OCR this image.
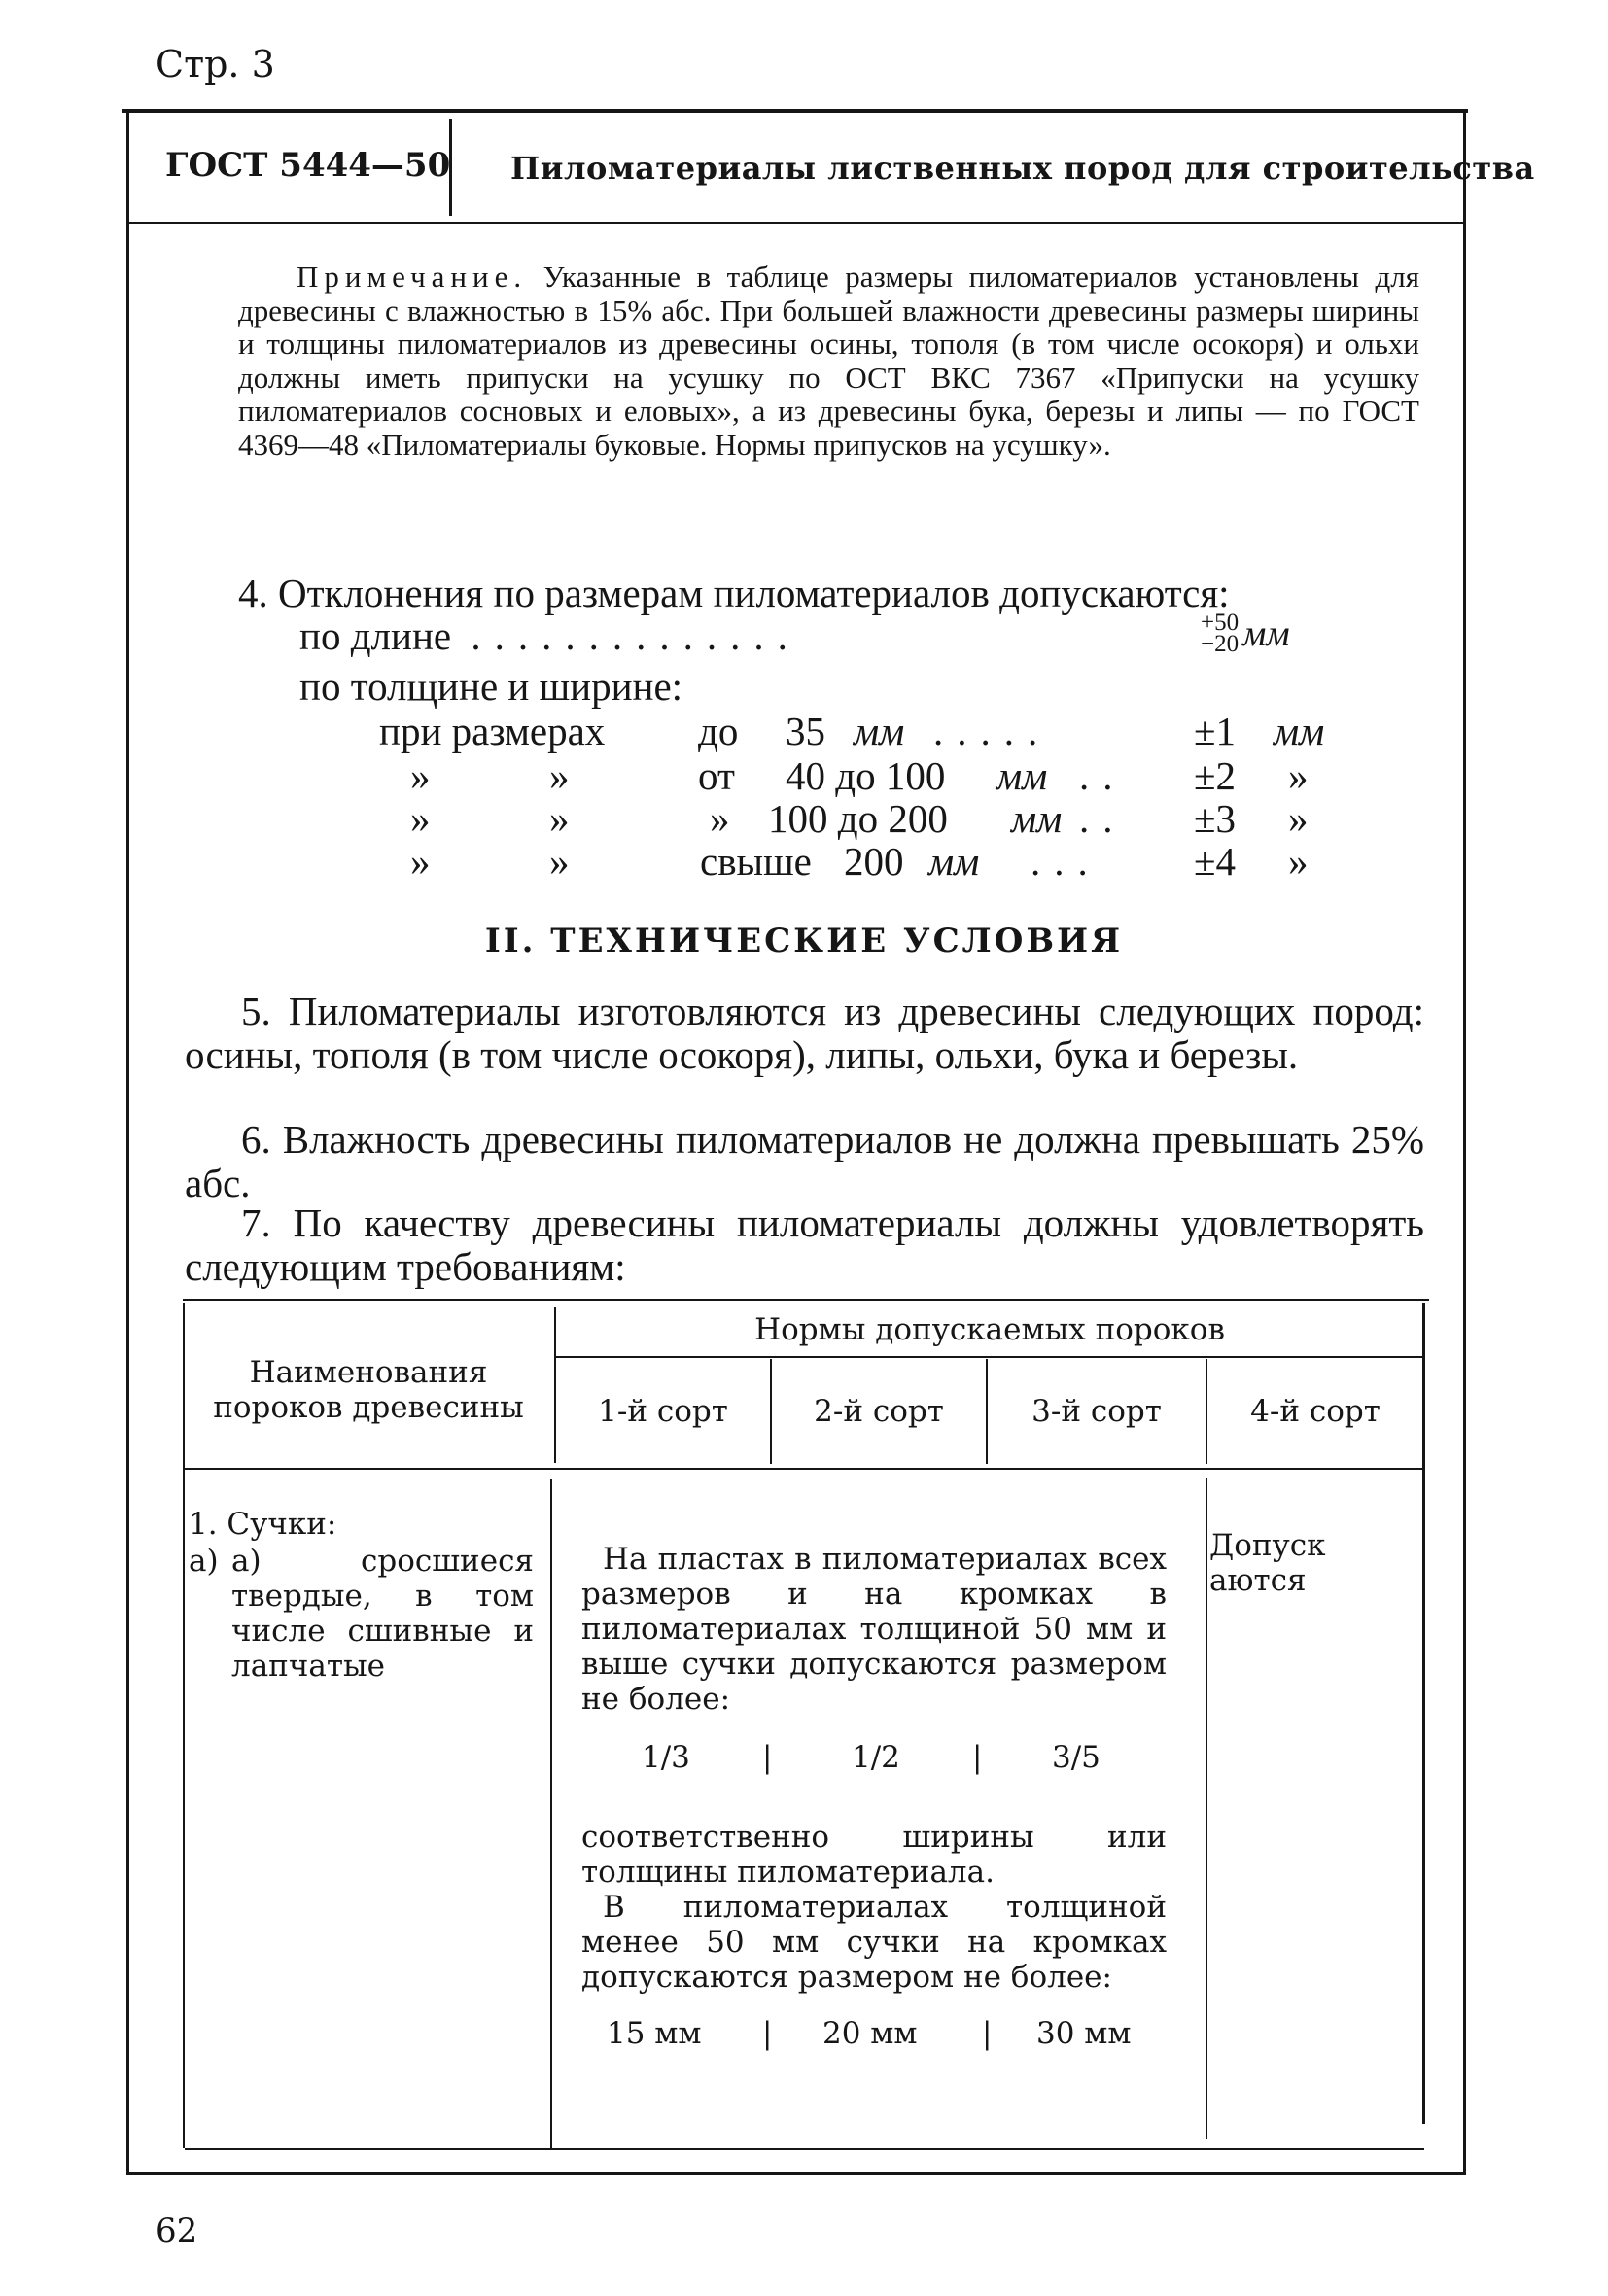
Стр. 3
ГОСТ 5444—50 Пиломатериалы лиственных пород для строительства
Примечание. Указанные в таблице размеры пиломатериалов установлены для древесины с влажностью в 15% абс. При большей влажности древесины размеры ширины и толщины пиломатериалов из древесины осины, тополя (в том числе осокоря) и ольхи должны иметь припуски на усушку по ОСТ ВКС 7367 «Припуски на усушку пиломатериалов сосновых и еловых», а из древесины бука, березы и липы — по ГОСТ 4369—48 «Пиломатериалы буковые. Нормы припусков на усушку».
4. Отклонения по размерам пиломатериалов допускаются:
по длине ..............	+50
−20 мм
по толщине и ширине:
при размерах до 35 мм .....	±1 мм
»	»	от 40 до 100 мм .. ±2 »
»	»	» 100 до 200 мм .. ±3 »
»	»	свыше 200 мм ... ±4 »
II. ТЕХНИЧЕСКИЕ УСЛОВИЯ
5. Пиломатериалы изготовляются из древесины следующих пород: осины, тополя (в том числе осокоря), липы, ольхи, бука и березы.
6. Влажность древесины пиломатериалов не должна превышать 25% абс.
7. По качеству древесины пиломатериалы должны удовлетворять следующим требованиям:
Наименования пороков древесины
Нормы допускаемых пороков
1-й сорт	2-й сорт	3-й сорт	4-й сорт
1. Сучки:
а) а) сросшиеся твердые, в том числе сшивные и лапчатые
На пластах в пиломатериалах всех размеров и на кромках в пиломатериалах толщиной 50 мм и выше сучки допускаются размером не более:
1/3 |	1/2 | 3/5
соответственно ширины или толщины пиломатериала.
В пиломатериалах толщиной менее 50 мм сучки на кромках допускаются размером не более:
15 мм | 20 мм | 30 мм
Допускаются
62
